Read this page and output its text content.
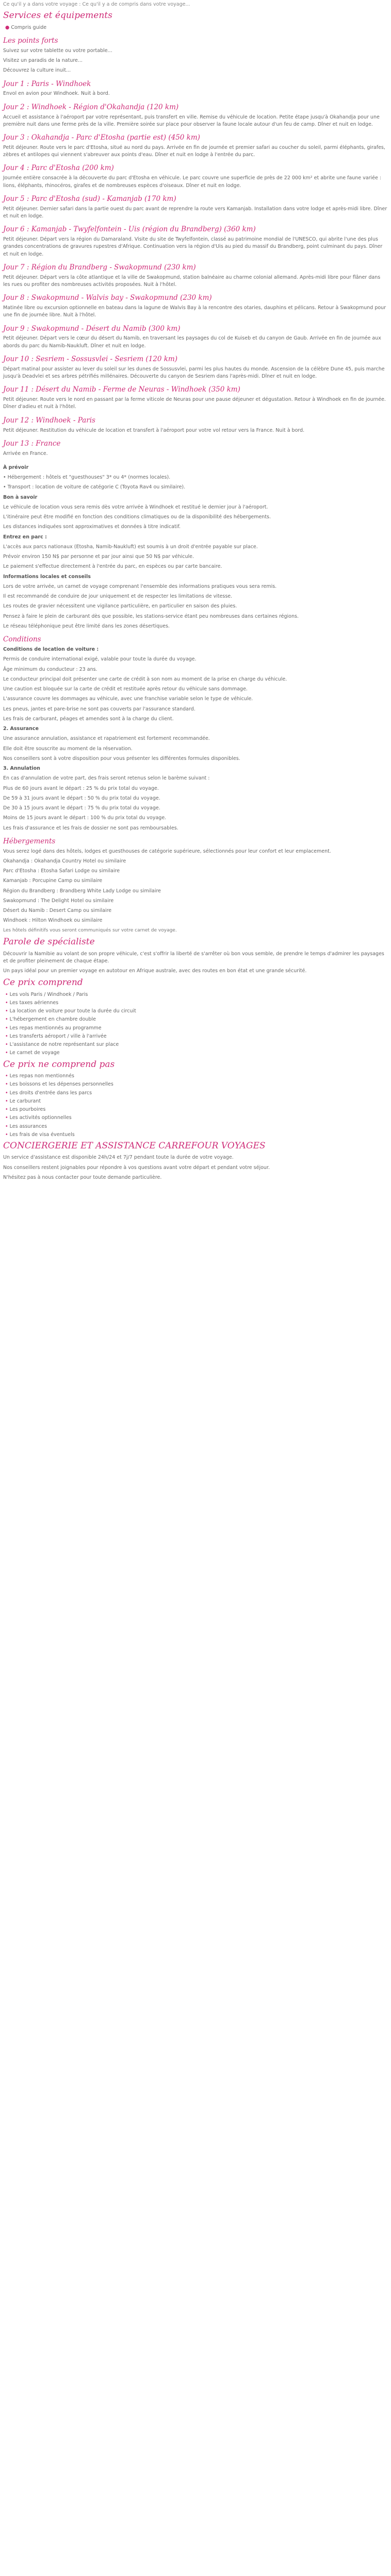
Ce qu'il y a dans votre voyage : Ce qu'il y a de compris dans votre voyage...

Services et équipements

● Compris guide

Les points forts

Suivez sur votre tablette ou votre portable...

Visitez un paradis de la nature...

Découvrez la culture inuit...

Jour 1 : Paris - Windhoek

Envol en avion pour Windhoek. Nuit à bord.

Jour 2 : Windhoek - Région d'Okahandja (120 km)

Accueil et assistance à l'aéroport par votre représentant, puis transfert en ville. Remise du véhicule de location. Petite étape jusqu'à Okahandja pour une première nuit dans une ferme près de la ville. Première soirée sur place pour observer la faune locale autour d'un feu de camp. Dîner et nuit en lodge.

Jour 3 : Okahandja - Parc d'Etosha (partie est) (450 km)

Petit déjeuner. Route vers le parc d'Etosha, situé au nord du pays. Arrivée en fin de journée et premier safari au coucher du soleil, parmi éléphants, girafes, zèbres et antilopes qui viennent s'abreuver aux points d'eau. Dîner et nuit en lodge à l'entrée du parc.

Jour 4 : Parc d'Etosha (200 km)

Journée entière consacrée à la découverte du parc d'Etosha en véhicule. Le parc couvre une superficie de près de 22 000 km² et abrite une faune variée : lions, éléphants, rhinocéros, girafes et de nombreuses espèces d'oiseaux. Dîner et nuit en lodge.

Jour 5 : Parc d'Etosha (sud) - Kamanjab (170 km)

Petit déjeuner. Dernier safari dans la partie ouest du parc avant de reprendre la route vers Kamanjab. Installation dans votre lodge et après-midi libre. Dîner et nuit en lodge.

Jour 6 : Kamanjab - Twyfelfontein - Uis (région du Brandberg) (360 km)

Petit déjeuner. Départ vers la région du Damaraland. Visite du site de Twyfelfontein, classé au patrimoine mondial de l'UNESCO, qui abrite l'une des plus grandes concentrations de gravures rupestres d'Afrique. Continuation vers la région d'Uis au pied du massif du Brandberg, point culminant du pays. Dîner et nuit en lodge.

Jour 7 : Région du Brandberg - Swakopmund (230 km)

Petit déjeuner. Départ vers la côte atlantique et la ville de Swakopmund, station balnéaire au charme colonial allemand. Après-midi libre pour flâner dans les rues ou profiter des nombreuses activités proposées. Nuit à l'hôtel.

Jour 8 : Swakopmund - Walvis bay - Swakopmund (230 km)

Matinée libre ou excursion optionnelle en bateau dans la lagune de Walvis Bay à la rencontre des otaries, dauphins et pélicans. Retour à Swakopmund pour une fin de journée libre. Nuit à l'hôtel.

Jour 9 : Swakopmund - Désert du Namib (300 km)

Petit déjeuner. Départ vers le cœur du désert du Namib, en traversant les paysages du col de Kuiseb et du canyon de Gaub. Arrivée en fin de journée aux abords du parc du Namib-Naukluft. Dîner et nuit en lodge.

Jour 10 : Sesriem - Sossusvlei - Sesriem (120 km)

Départ matinal pour assister au lever du soleil sur les dunes de Sossusvlei, parmi les plus hautes du monde. Ascension de la célèbre Dune 45, puis marche jusqu'à Deadvlei et ses arbres pétrifiés millénaires. Découverte du canyon de Sesriem dans l'après-midi. Dîner et nuit en lodge.

Jour 11 : Désert du Namib - Ferme de Neuras - Windhoek (350 km)

Petit déjeuner. Route vers le nord en passant par la ferme viticole de Neuras pour une pause déjeuner et dégustation. Retour à Windhoek en fin de journée. Dîner d'adieu et nuit à l'hôtel.

Jour 12 : Windhoek - Paris

Petit déjeuner. Restitution du véhicule de location et transfert à l'aéroport pour votre vol retour vers la France. Nuit à bord.

Jour 13 : France

Arrivée en France.

À prévoir

• Hébergement : hôtels et "guesthouses" 3* ou 4* (normes locales).

• Transport : location de voiture de catégorie C (Toyota Rav4 ou similaire).

Bon à savoir

Le véhicule de location vous sera remis dès votre arrivée à Windhoek et restitué le dernier jour à l'aéroport.

L'itinéraire peut être modifié en fonction des conditions climatiques ou de la disponibilité des hébergements.

Les distances indiquées sont approximatives et données à titre indicatif.

Entrez en parc :

L'accès aux parcs nationaux (Etosha, Namib-Naukluft) est soumis à un droit d'entrée payable sur place.

Prévoir environ 150 N$ par personne et par jour ainsi que 50 N$ par véhicule.

Le paiement s'effectue directement à l'entrée du parc, en espèces ou par carte bancaire.

Informations locales et conseils

Lors de votre arrivée, un carnet de voyage comprenant l'ensemble des informations pratiques vous sera remis.

Il est recommandé de conduire de jour uniquement et de respecter les limitations de vitesse.

Les routes de gravier nécessitent une vigilance particulière, en particulier en saison des pluies.

Pensez à faire le plein de carburant dès que possible, les stations-service étant peu nombreuses dans certaines régions.

Le réseau téléphonique peut être limité dans les zones désertiques.

Conditions

Conditions de location de voiture :

Permis de conduire international exigé, valable pour toute la durée du voyage.

Âge minimum du conducteur : 23 ans.

Le conducteur principal doit présenter une carte de crédit à son nom au moment de la prise en charge du véhicule.

Une caution est bloquée sur la carte de crédit et restituée après retour du véhicule sans dommage.

L'assurance couvre les dommages au véhicule, avec une franchise variable selon le type de véhicule.

Les pneus, jantes et pare-brise ne sont pas couverts par l'assurance standard.

Les frais de carburant, péages et amendes sont à la charge du client.

2. Assurance

Une assurance annulation, assistance et rapatriement est fortement recommandée.

Elle doit être souscrite au moment de la réservation.

Nos conseillers sont à votre disposition pour vous présenter les différentes formules disponibles.

3. Annulation

En cas d'annulation de votre part, des frais seront retenus selon le barème suivant :

Plus de 60 jours avant le départ : 25 % du prix total du voyage.

De 59 à 31 jours avant le départ : 50 % du prix total du voyage.

De 30 à 15 jours avant le départ : 75 % du prix total du voyage.

Moins de 15 jours avant le départ : 100 % du prix total du voyage.

Les frais d'assurance et les frais de dossier ne sont pas remboursables.

Hébergements

Vous serez logé dans des hôtels, lodges et guesthouses de catégorie supérieure, sélectionnés pour leur confort et leur emplacement.

Okahandja : Okahandja Country Hotel ou similaire

Parc d'Etosha : Etosha Safari Lodge ou similaire

Kamanjab : Porcupine Camp ou similaire

Région du Brandberg : Brandberg White Lady Lodge ou similaire

Swakopmund : The Delight Hotel ou similaire

Désert du Namib : Desert Camp ou similaire

Windhoek : Hilton Windhoek ou similaire

Les hôtels définitifs vous seront communiqués sur votre carnet de voyage.

Parole de spécialiste

Découvrir la Namibie au volant de son propre véhicule, c'est s'offrir la liberté de s'arrêter où bon vous semble, de prendre le temps d'admirer les paysages et de profiter pleinement de chaque étape.

Un pays idéal pour un premier voyage en autotour en Afrique australe, avec des routes en bon état et une grande sécurité.

Ce prix comprend

• Les vols Paris / Windhoek / Paris

• Les taxes aériennes

• La location de voiture pour toute la durée du circuit

• L'hébergement en chambre double

• Les repas mentionnés au programme

• Les transferts aéroport / ville à l'arrivée

• L'assistance de notre représentant sur place

• Le carnet de voyage

Ce prix ne comprend pas

• Les repas non mentionnés

• Les boissons et les dépenses personnelles

• Les droits d'entrée dans les parcs

• Le carburant

• Les pourboires

• Les activités optionnelles

• Les assurances

• Les frais de visa éventuels

CONCIERGERIE ET ASSISTANCE CARREFOUR VOYAGES

Un service d'assistance est disponible 24h/24 et 7j/7 pendant toute la durée de votre voyage.

Nos conseillers restent joignables pour répondre à vos questions avant votre départ et pendant votre séjour.

N'hésitez pas à nous contacter pour toute demande particulière.
